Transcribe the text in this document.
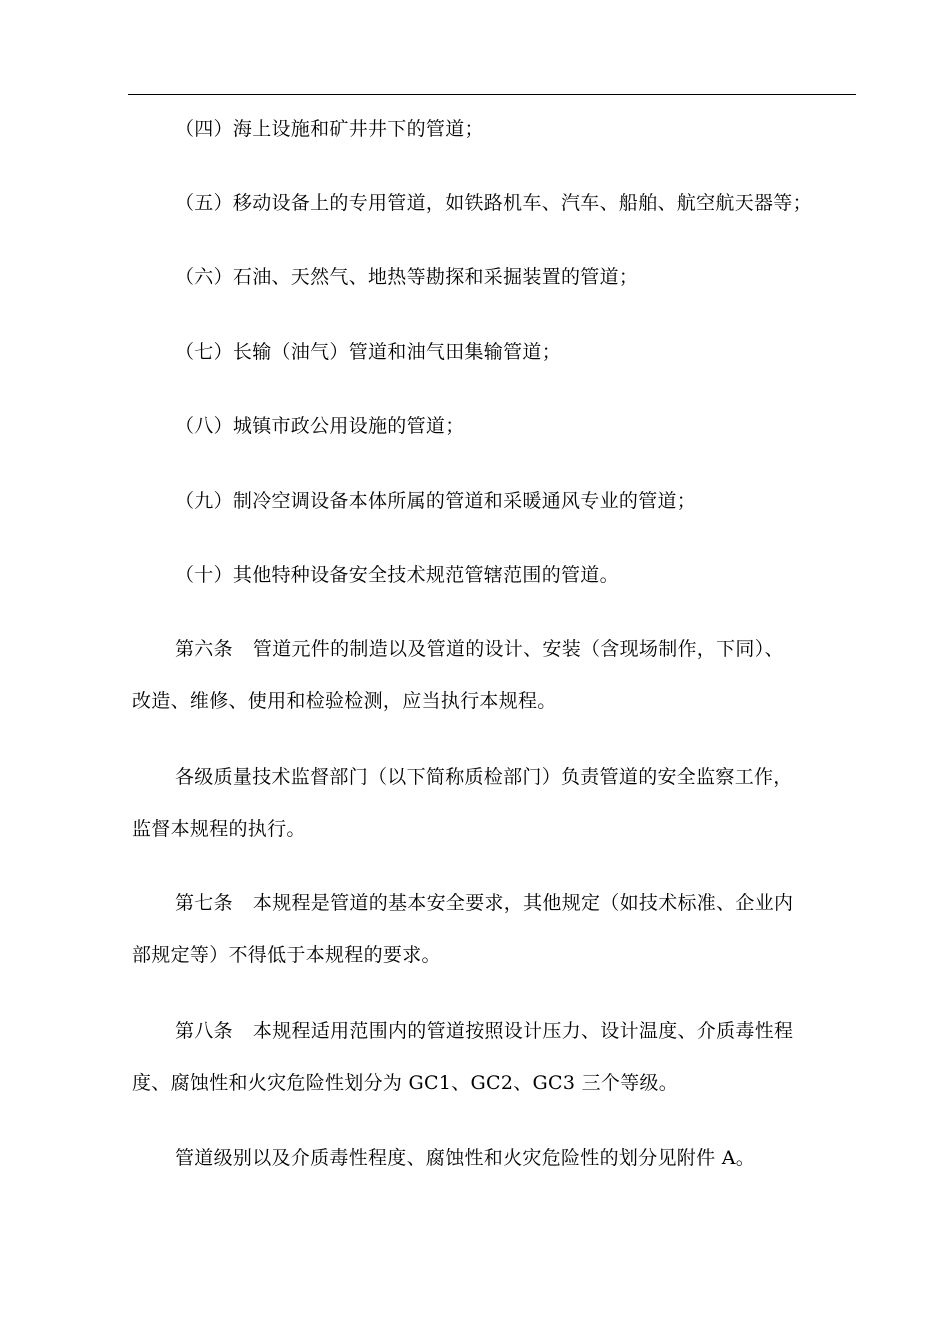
（四）海上设施和矿井井下的管道；
（五）移动设备上的专用管道，如铁路机车、汽车、船舶、航空航天器等；
（六）石油、天然气、地热等勘探和采掘装置的管道；
（七）长输（油气）管道和油气田集输管道；
（八）城镇市政公用设施的管道；
（九）制冷空调设备本体所属的管道和采暖通风专业的管道；
（十）其他特种设备安全技术规范管辖范围的管道。
第六条 管道元件的制造以及管道的设计、安装（含现场制作，下同）、
改造、维修、使用和检验检测，应当执行本规程。
各级质量技术监督部门（以下简称质检部门）负责管道的安全监察工作，
监督本规程的执行。
第七条 本规程是管道的基本安全要求，其他规定（如技术标准、企业内
部规定等）不得低于本规程的要求。
第八条 本规程适用范围内的管道按照设计压力、设计温度、介质毒性程
度、腐蚀性和火灾危险性划分为 GC1、GC2、GC3 三个等级。
管道级别以及介质毒性程度、腐蚀性和火灾危险性的划分见附件 A。
